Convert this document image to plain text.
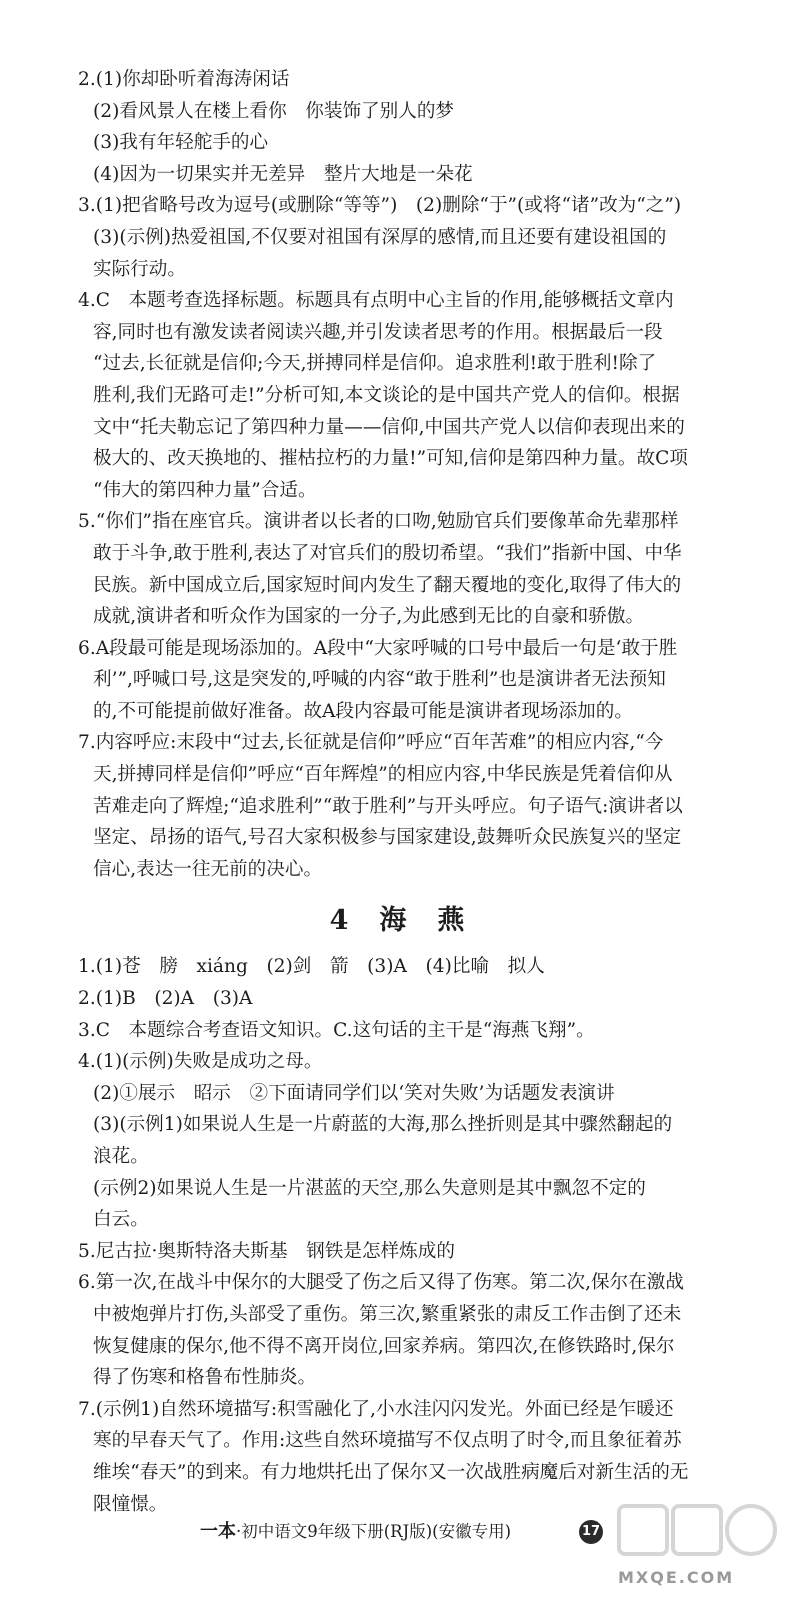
2.(1)你却卧听着海涛闲话
(2)看风景人在楼上看你　你装饰了别人的梦
(3)我有年轻舵手的心
(4)因为一切果实并无差异　整片大地是一朵花
3.(1)把省略号改为逗号(或删除“等等”)　(2)删除“于”(或将“诸”改为“之”)
(3)(示例)热爱祖国,不仅要对祖国有深厚的感情,而且还要有建设祖国的
实际行动。
4.C　本题考查选择标题。标题具有点明中心主旨的作用,能够概括文章内
容,同时也有激发读者阅读兴趣,并引发读者思考的作用。根据最后一段
“过去,长征就是信仰;今天,拼搏同样是信仰。追求胜利!敢于胜利!除了
胜利,我们无路可走!”分析可知,本文谈论的是中国共产党人的信仰。根据
文中“托夫勒忘记了第四种力量——信仰,中国共产党人以信仰表现出来的
极大的、改天换地的、摧枯拉朽的力量!”可知,信仰是第四种力量。故C项
“伟大的第四种力量”合适。
5.“你们”指在座官兵。演讲者以长者的口吻,勉励官兵们要像革命先辈那样
敢于斗争,敢于胜利,表达了对官兵们的殷切希望。“我们”指新中国、中华
民族。新中国成立后,国家短时间内发生了翻天覆地的变化,取得了伟大的
成就,演讲者和听众作为国家的一分子,为此感到无比的自豪和骄傲。
6.A段最可能是现场添加的。A段中“大家呼喊的口号中最后一句是‘敢于胜
利’”,呼喊口号,这是突发的,呼喊的内容“敢于胜利”也是演讲者无法预知
的,不可能提前做好准备。故A段内容最可能是演讲者现场添加的。
7.内容呼应:末段中“过去,长征就是信仰”呼应“百年苦难”的相应内容,“今
天,拼搏同样是信仰”呼应“百年辉煌”的相应内容,中华民族是凭着信仰从
苦难走向了辉煌;“追求胜利”“敢于胜利”与开头呼应。句子语气:演讲者以
坚定、昂扬的语气,号召大家积极参与国家建设,鼓舞听众民族复兴的坚定
信心,表达一往无前的决心。
4　海　燕
1.(1)苍　膀　xiáng　(2)剑　箭　(3)A　(4)比喻　拟人
2.(1)B　(2)A　(3)A
3.C　本题综合考查语文知识。C.这句话的主干是“海燕飞翔”。
4.(1)(示例)失败是成功之母。
(2)①展示　昭示　②下面请同学们以‘笑对失败’为话题发表演讲
(3)(示例1)如果说人生是一片蔚蓝的大海,那么挫折则是其中骤然翻起的
浪花。
(示例2)如果说人生是一片湛蓝的天空,那么失意则是其中飘忽不定的
白云。
5.尼古拉·奥斯特洛夫斯基　钢铁是怎样炼成的
6.第一次,在战斗中保尔的大腿受了伤之后又得了伤寒。第二次,保尔在激战
中被炮弹片打伤,头部受了重伤。第三次,繁重紧张的肃反工作击倒了还未
恢复健康的保尔,他不得不离开岗位,回家养病。第四次,在修铁路时,保尔
得了伤寒和格鲁布性肺炎。
7.(示例1)自然环境描写:积雪融化了,小水洼闪闪发光。外面已经是乍暖还
寒的早春天气了。作用:这些自然环境描写不仅点明了时令,而且象征着苏
维埃“春天”的到来。有力地烘托出了保尔又一次战胜病魔后对新生活的无
限憧憬。
一本·初中语文9年级下册(RJ版)(安徽专用)	17
MXQE.COM
